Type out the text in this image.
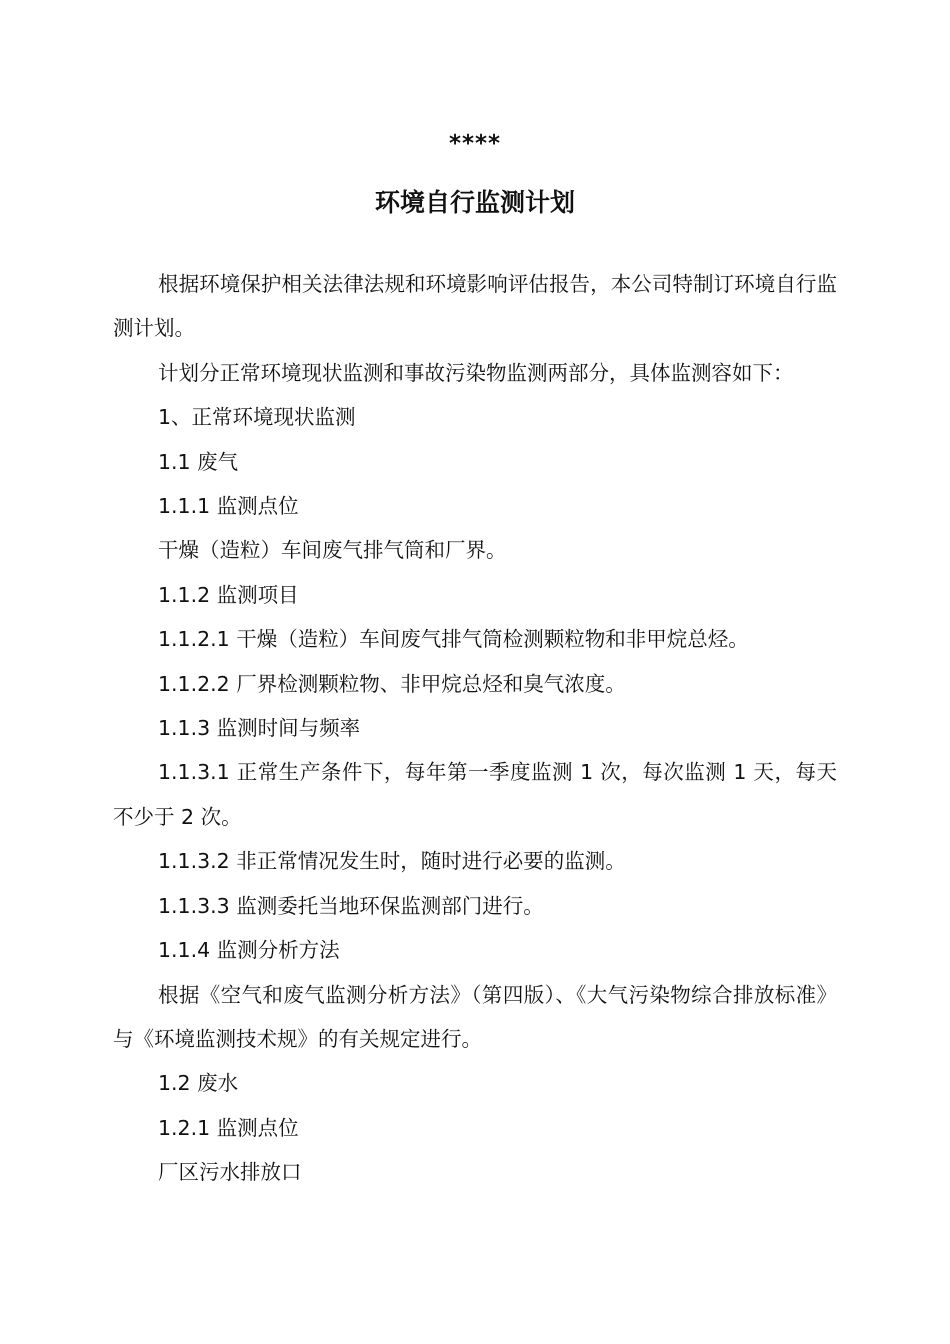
****
环境自行监测计划

根据环境保护相关法律法规和环境影响评估报告，本公司特制订环境自行监测计划。

计划分正常环境现状监测和事故污染物监测两部分，具体监测容如下：

1、正常环境现状监测

1.1 废气

1.1.1 监测点位

干燥（造粒）车间废气排气筒和厂界。

1.1.2 监测项目

1.1.2.1 干燥（造粒）车间废气排气筒检测颗粒物和非甲烷总烃。

1.1.2.2 厂界检测颗粒物、非甲烷总烃和臭气浓度。

1.1.3 监测时间与频率

1.1.3.1 正常生产条件下，每年第一季度监测 1 次，每次监测 1 天，每天不少于 2 次。

1.1.3.2 非正常情况发生时，随时进行必要的监测。

1.1.3.3 监测委托当地环保监测部门进行。

1.1.4 监测分析方法

根据《空气和废气监测分析方法》（第四版）、《大气污染物综合排放标准》与《环境监测技术规》的有关规定进行。

1.2 废水

1.2.1 监测点位

厂区污水排放口
